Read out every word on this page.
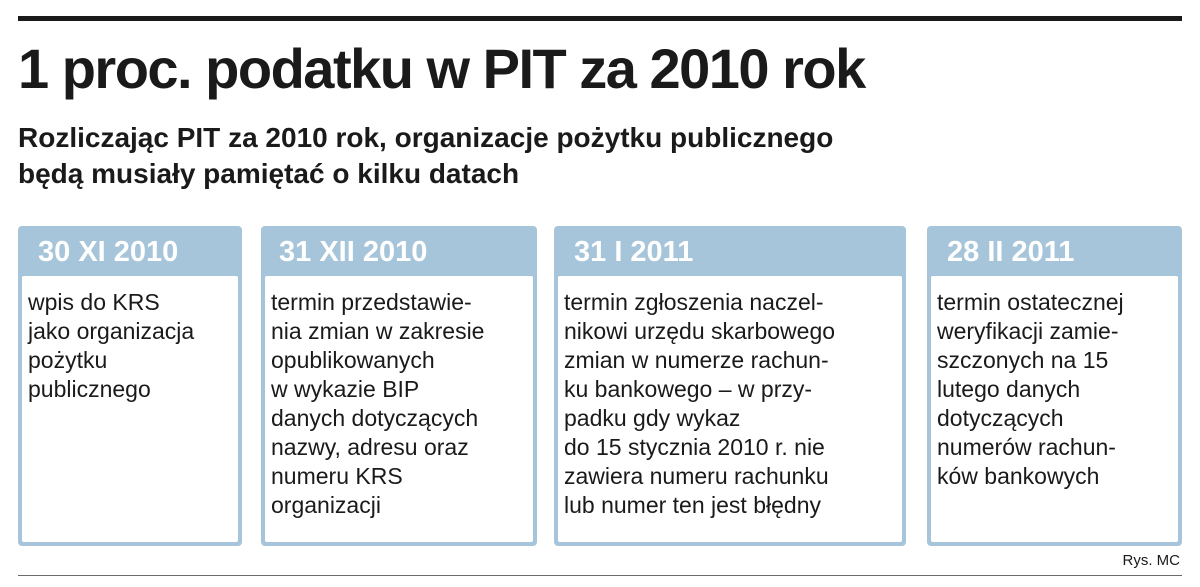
1 proc. podatku w PIT za 2010 rok

Rozliczając PIT za 2010 rok, organizacje pożytku publicznego
będą musiały pamiętać o kilku datach

30 XI 2010

wpis do KRS
jako organizacja
pożytku
publicznego

31 XII 2010

termin przedstawie-
nia zmian w zakresie
opublikowanych
w wykazie BIP
danych dotyczących
nazwy, adresu oraz
numeru KRS
organizacji

31 I 2011

termin zgłoszenia naczel-
nikowi urzędu skarbowego
zmian w numerze rachun-
ku bankowego – w przy-
padku gdy wykaz
do 15 stycznia 2010 r. nie
zawiera numeru rachunku
lub numer ten jest błędny

28 II 2011

termin ostatecznej
weryfikacji zamie-
szczonych na 15
lutego danych
dotyczących
numerów rachun-
ków bankowych

Rys. MC
